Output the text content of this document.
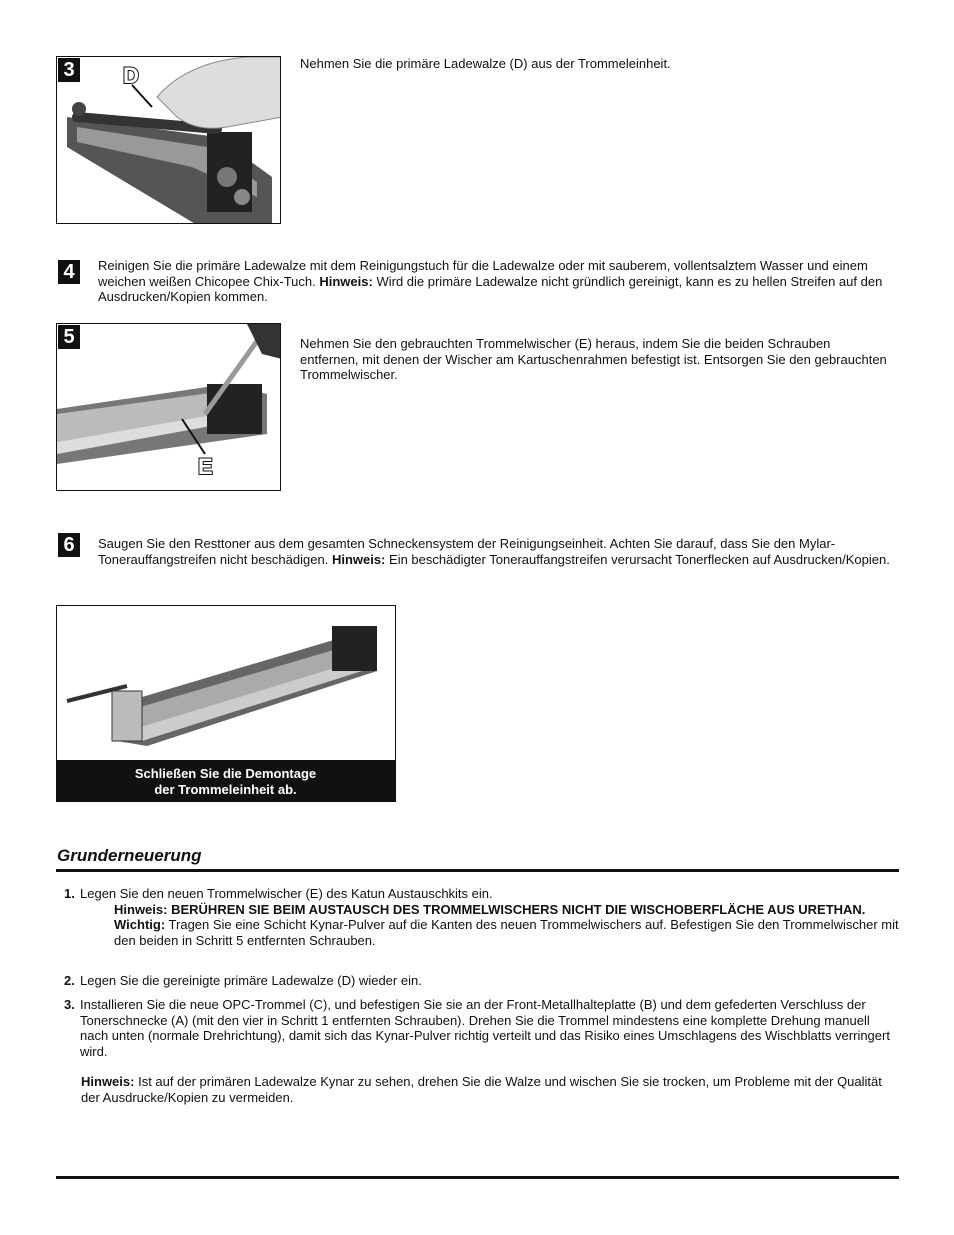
D
3	Nehmen Sie die primäre Ladewalze (D) aus der Trommeleinheit.
4	Reinigen Sie die primäre Ladewalze mit dem Reinigungstuch für die Ladewalze oder mit sauberem, vollentsalztem Wasser und einem weichen weißen Chicopee Chix-Tuch. Hinweis: Wird die primäre Ladewalze nicht gründlich gereinigt, kann es zu hellen Streifen auf den Ausdrucken/Kopien kommen.
E
5	Nehmen Sie den gebrauchten Trommelwischer (E) heraus, indem Sie die beiden Schrauben entfernen, mit denen der Wischer am Kartuschenrahmen befestigt ist. Entsorgen Sie den gebrauchten Trommelwischer.
6	Saugen Sie den Resttoner aus dem gesamten Schneckensystem der Reinigungseinheit. Achten Sie darauf, dass Sie den Mylar-Tonerauffangstreifen nicht beschädigen. Hinweis: Ein beschädigter Tonerauffangstreifen verursacht Tonerflecken auf Ausdrucken/Kopien.
Schließen Sie die Demontage
der Trommeleinheit ab.
Grunderneuerung
1. Legen Sie den neuen Trommelwischer (E) des Katun Austauschkits ein.
Hinweis: BERÜHREN SIE BEIM AUSTAUSCH DES TROMMELWISCHERS NICHT DIE WISCHOBERFLÄCHE AUS URETHAN.
Wichtig: Tragen Sie eine Schicht Kynar-Pulver auf die Kanten des neuen Trommelwischers auf. Befestigen Sie den Trommelwischer mit den beiden in Schritt 5 entfernten Schrauben.
2. Legen Sie die gereinigte primäre Ladewalze (D) wieder ein.
3. Installieren Sie die neue OPC-Trommel (C), und befestigen Sie sie an der Front-Metallhalteplatte (B) und dem gefederten Verschluss der Tonerschnecke (A) (mit den vier in Schritt 1 entfernten Schrauben). Drehen Sie die Trommel mindestens eine komplette Drehung manuell nach unten (normale Drehrichtung), damit sich das Kynar-Pulver richtig verteilt und das Risiko eines Umschlagens des Wischblatts verringert wird.
Hinweis: Ist auf der primären Ladewalze Kynar zu sehen, drehen Sie die Walze und wischen Sie sie trocken, um Probleme mit der Qualität der Ausdrucke/Kopien zu vermeiden.
